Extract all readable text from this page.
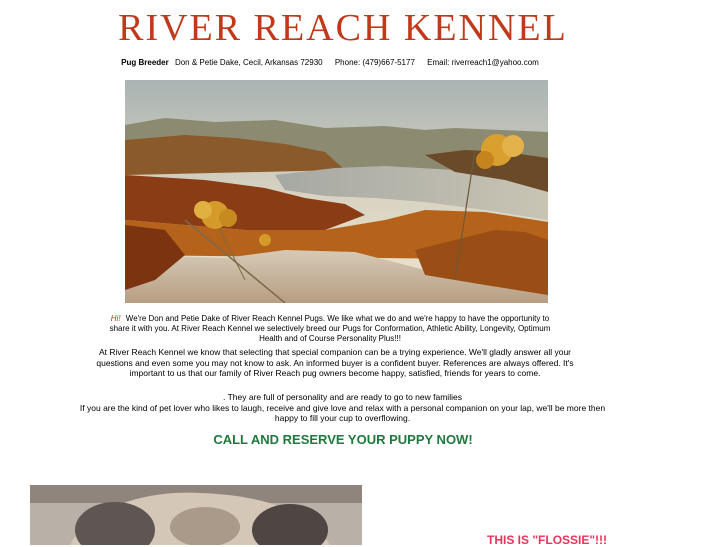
RIVER REACH KENNEL
Pug Breeder Don & Petie Dake, Cecil, Arkansas 72930 Phone: (479)667-5177 Email: riverreach1@yahoo.com
Hi! We're Don and Petie Dake of River Reach Kennel Pugs. We like what we do and we're happy to have the opportunity to share it with you. At River Reach Kennel we selectively breed our Pugs for Conformation, Athletic Ability, Longevity, Optimum Health and of Course Personality Plus!!!
At River Reach Kennel we know that selecting that special companion can be a trying experience. We'll gladly answer all your questions and even some you may not know to ask. An informed buyer is a confident buyer. References are always offered. It's important to us that our family of River Reach pug owners become happy, satisfied, friends for years to come.
. They are full of personality and are ready to go to new families
If you are the kind of pet lover who likes to laugh, receive and give love and relax with a personal companion on your lap, we'll be more then happy to fill your cup to overflowing.
CALL AND RESERVE YOUR PUPPY NOW!
THIS IS "FLOSSIE"!!!
